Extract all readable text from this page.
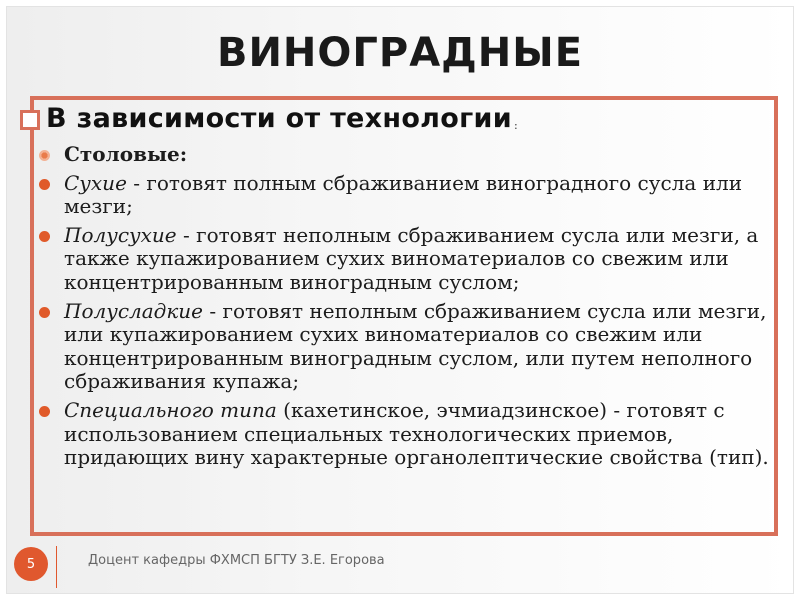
ВИНОГРАДНЫЕ
В зависимости от технологии :
Столовые:
Сухие - готовят полным сбраживанием виноградного сусла или мезги;
Полусухие - готовят неполным сбраживанием сусла или мезги, а также купажированием сухих виноматериалов со свежим или концентрированным виноградным суслом;
Полусладкие - готовят неполным сбраживанием сусла или мезги, или купажированием сухих виноматериалов со свежим или концентрированным виноградным суслом, или путем неполного сбраживания купажа;
Специального типа (кахетинское, эчмиадзинское) - готовят с использованием специальных технологических приемов, придающих вину характерные органолептические свойства (тип).
5	Доцент кафедры ФХМСП БГТУ З.Е. Егорова
